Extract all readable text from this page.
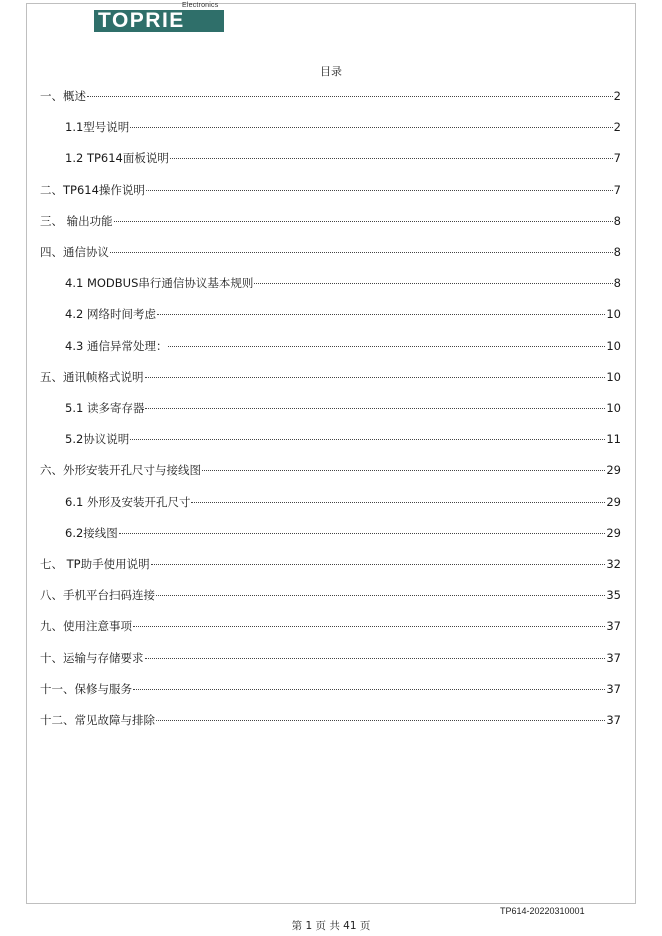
Electronics
TOPRIE
目录
一、概述	2
1.1型号说明	2
1.2 TP614面板说明	7
二、TP614操作说明	7
三、 输出功能	8
四、通信协议	8
4.1 MODBUS串行通信协议基本规则	8
4.2 网络时间考虑	10
4.3 通信异常处理：	10
五、通讯帧格式说明	10
5.1 读多寄存器	10
5.2协议说明	11
六、外形安装开孔尺寸与接线图	29
6.1 外形及安装开孔尺寸	29
6.2接线图	29
七、 TP助手使用说明	32
八、手机平台扫码连接	35
九、使用注意事项	37
十、运输与存储要求	37
十一、保修与服务	37
十二、常见故障与排除	37
TP614-20220310001
第 1 页 共 41 页
